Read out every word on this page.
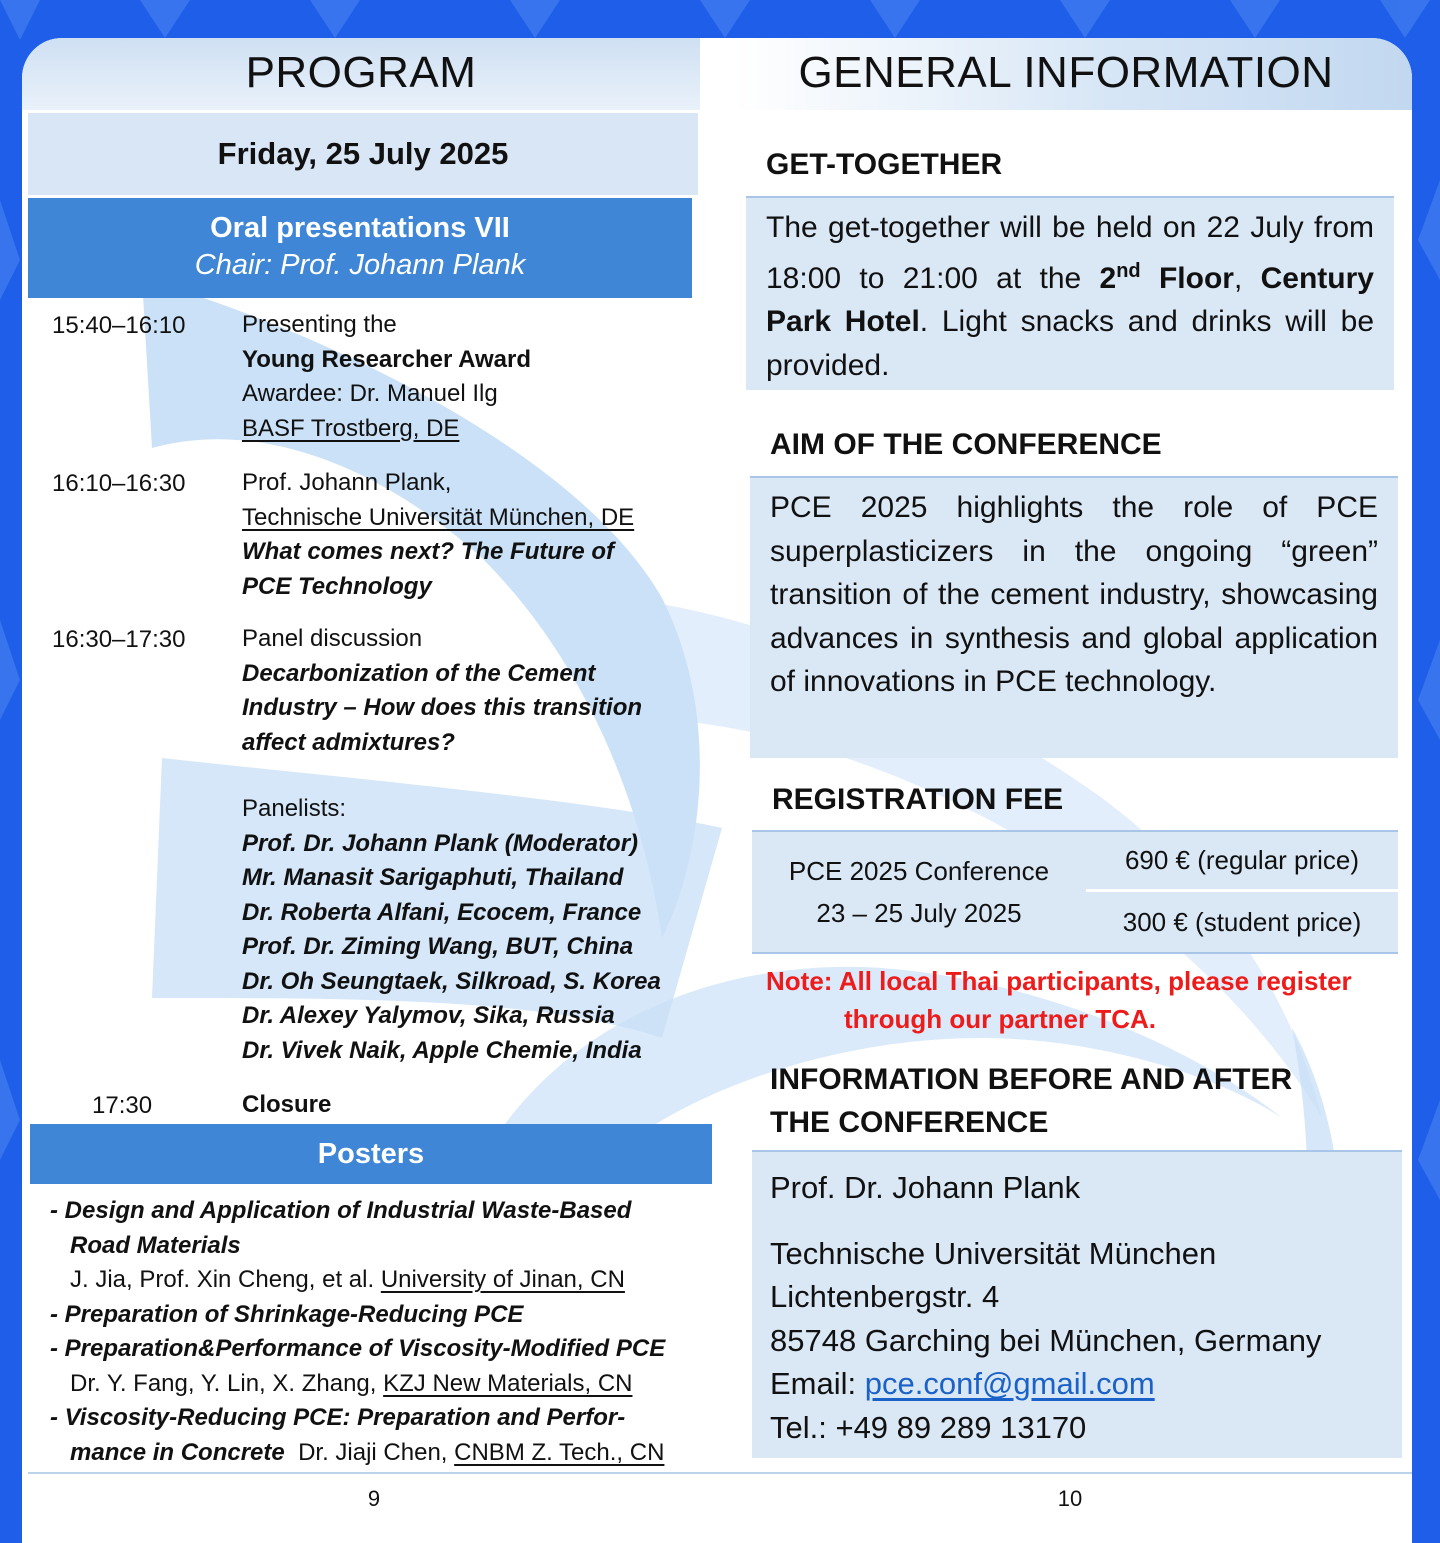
PROGRAM	GENERAL INFORMATION
Friday, 25 July 2025
Oral presentations VII
Chair: Prof. Johann Plank
15:40–16:10 Presenting the
Young Researcher Award
Awardee: Dr. Manuel Ilg
BASF Trostberg, DE
16:10–16:30 Prof. Johann Plank,
Technische Universität München, DE
What comes next? The Future of
PCE Technology
16:30–17:30 Panel discussion
Decarbonization of the Cement
Industry – How does this transition
affect admixtures?
Panelists:
Prof. Dr. Johann Plank (Moderator)
Mr. Manasit Sarigaphuti, Thailand
Dr. Roberta Alfani, Ecocem, France
Prof. Dr. Ziming Wang, BUT, China
Dr. Oh Seungtaek, Silkroad, S. Korea
Dr. Alexey Yalymov, Sika, Russia
Dr. Vivek Naik, Apple Chemie, India
17:30	Closure
Posters
- Design and Application of Industrial Waste-Based
Road Materials
J. Jia, Prof. Xin Cheng, et al. University of Jinan, CN
- Preparation of Shrinkage-Reducing PCE
- Preparation&Performance of Viscosity-Modified PCE
Dr. Y. Fang, Y. Lin, X. Zhang, KZJ New Materials, CN
- Viscosity-Reducing PCE: Preparation and Perfor-
mance in Concrete Dr. Jiaji Chen, CNBM Z. Tech., CN
GET-TOGETHER
The get-together will be held on 22 July from 18:00 to 21:00 at the 2nd Floor, Century Park Hotel. Light snacks and drinks will be provided.
AIM OF THE CONFERENCE
PCE 2025 highlights the role of PCE superplasticizers in the ongoing “green” transition of the cement industry, showcasing advances in synthesis and global application of innovations in PCE technology.
REGISTRATION FEE
PCE 2025 Conference
23 – 25 July 2025
690 € (regular price)
300 € (student price)
Note: All local Thai participants, please register
through our partner TCA.
INFORMATION BEFORE AND AFTER
THE CONFERENCE
Prof. Dr. Johann Plank
Technische Universität München
Lichtenbergstr. 4
85748 Garching bei München, Germany
Email: pce.conf@gmail.com
Tel.: +49 89 289 13170
9	10
